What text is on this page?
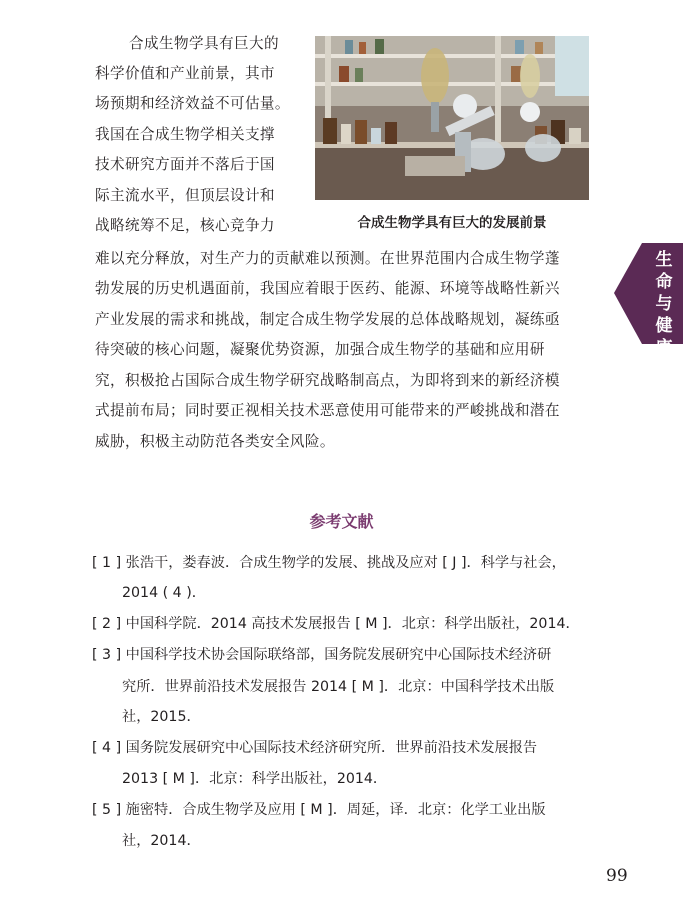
合成生物学具有巨大的
科学价值和产业前景，其市
场预期和经济效益不可估量。
我国在合成生物学相关支撑
技术研究方面并不落后于国
际主流水平，但顶层设计和
战略统筹不足，核心竞争力
难以充分释放，对生产力的贡献难以预测。在世界范围内合成生物学蓬
勃发展的历史机遇面前，我国应着眼于医药、能源、环境等战略性新兴
产业发展的需求和挑战，制定合成生物学发展的总体战略规划，凝练亟
待突破的核心问题，凝聚优势资源，加强合成生物学的基础和应用研
究，积极抢占国际合成生物学研究战略制高点，为即将到来的新经济模
式提前布局；同时要正视相关技术恶意使用可能带来的严峻挑战和潜在
威胁，积极主动防范各类安全风险。
合成生物学具有巨大的发展前景
生
命
与
健
康
参考文献
[ 1 ] 张浩干，娄春波．合成生物学的发展、挑战及应对 [ J ]．科学与社会，
2014 ( 4 )．
[ 2 ] 中国科学院．2014 高技术发展报告 [ M ]．北京：科学出版社，2014．
[ 3 ] 中国科学技术协会国际联络部，国务院发展研究中心国际技术经济研
究所．世界前沿技术发展报告 2014 [ M ]．北京：中国科学技术出版
社，2015．
[ 4 ] 国务院发展研究中心国际技术经济研究所．世界前沿技术发展报告
2013 [ M ]．北京：科学出版社，2014．
[ 5 ] 施密特．合成生物学及应用 [ M ]．周延，译．北京：化学工业出版
社，2014．
99
